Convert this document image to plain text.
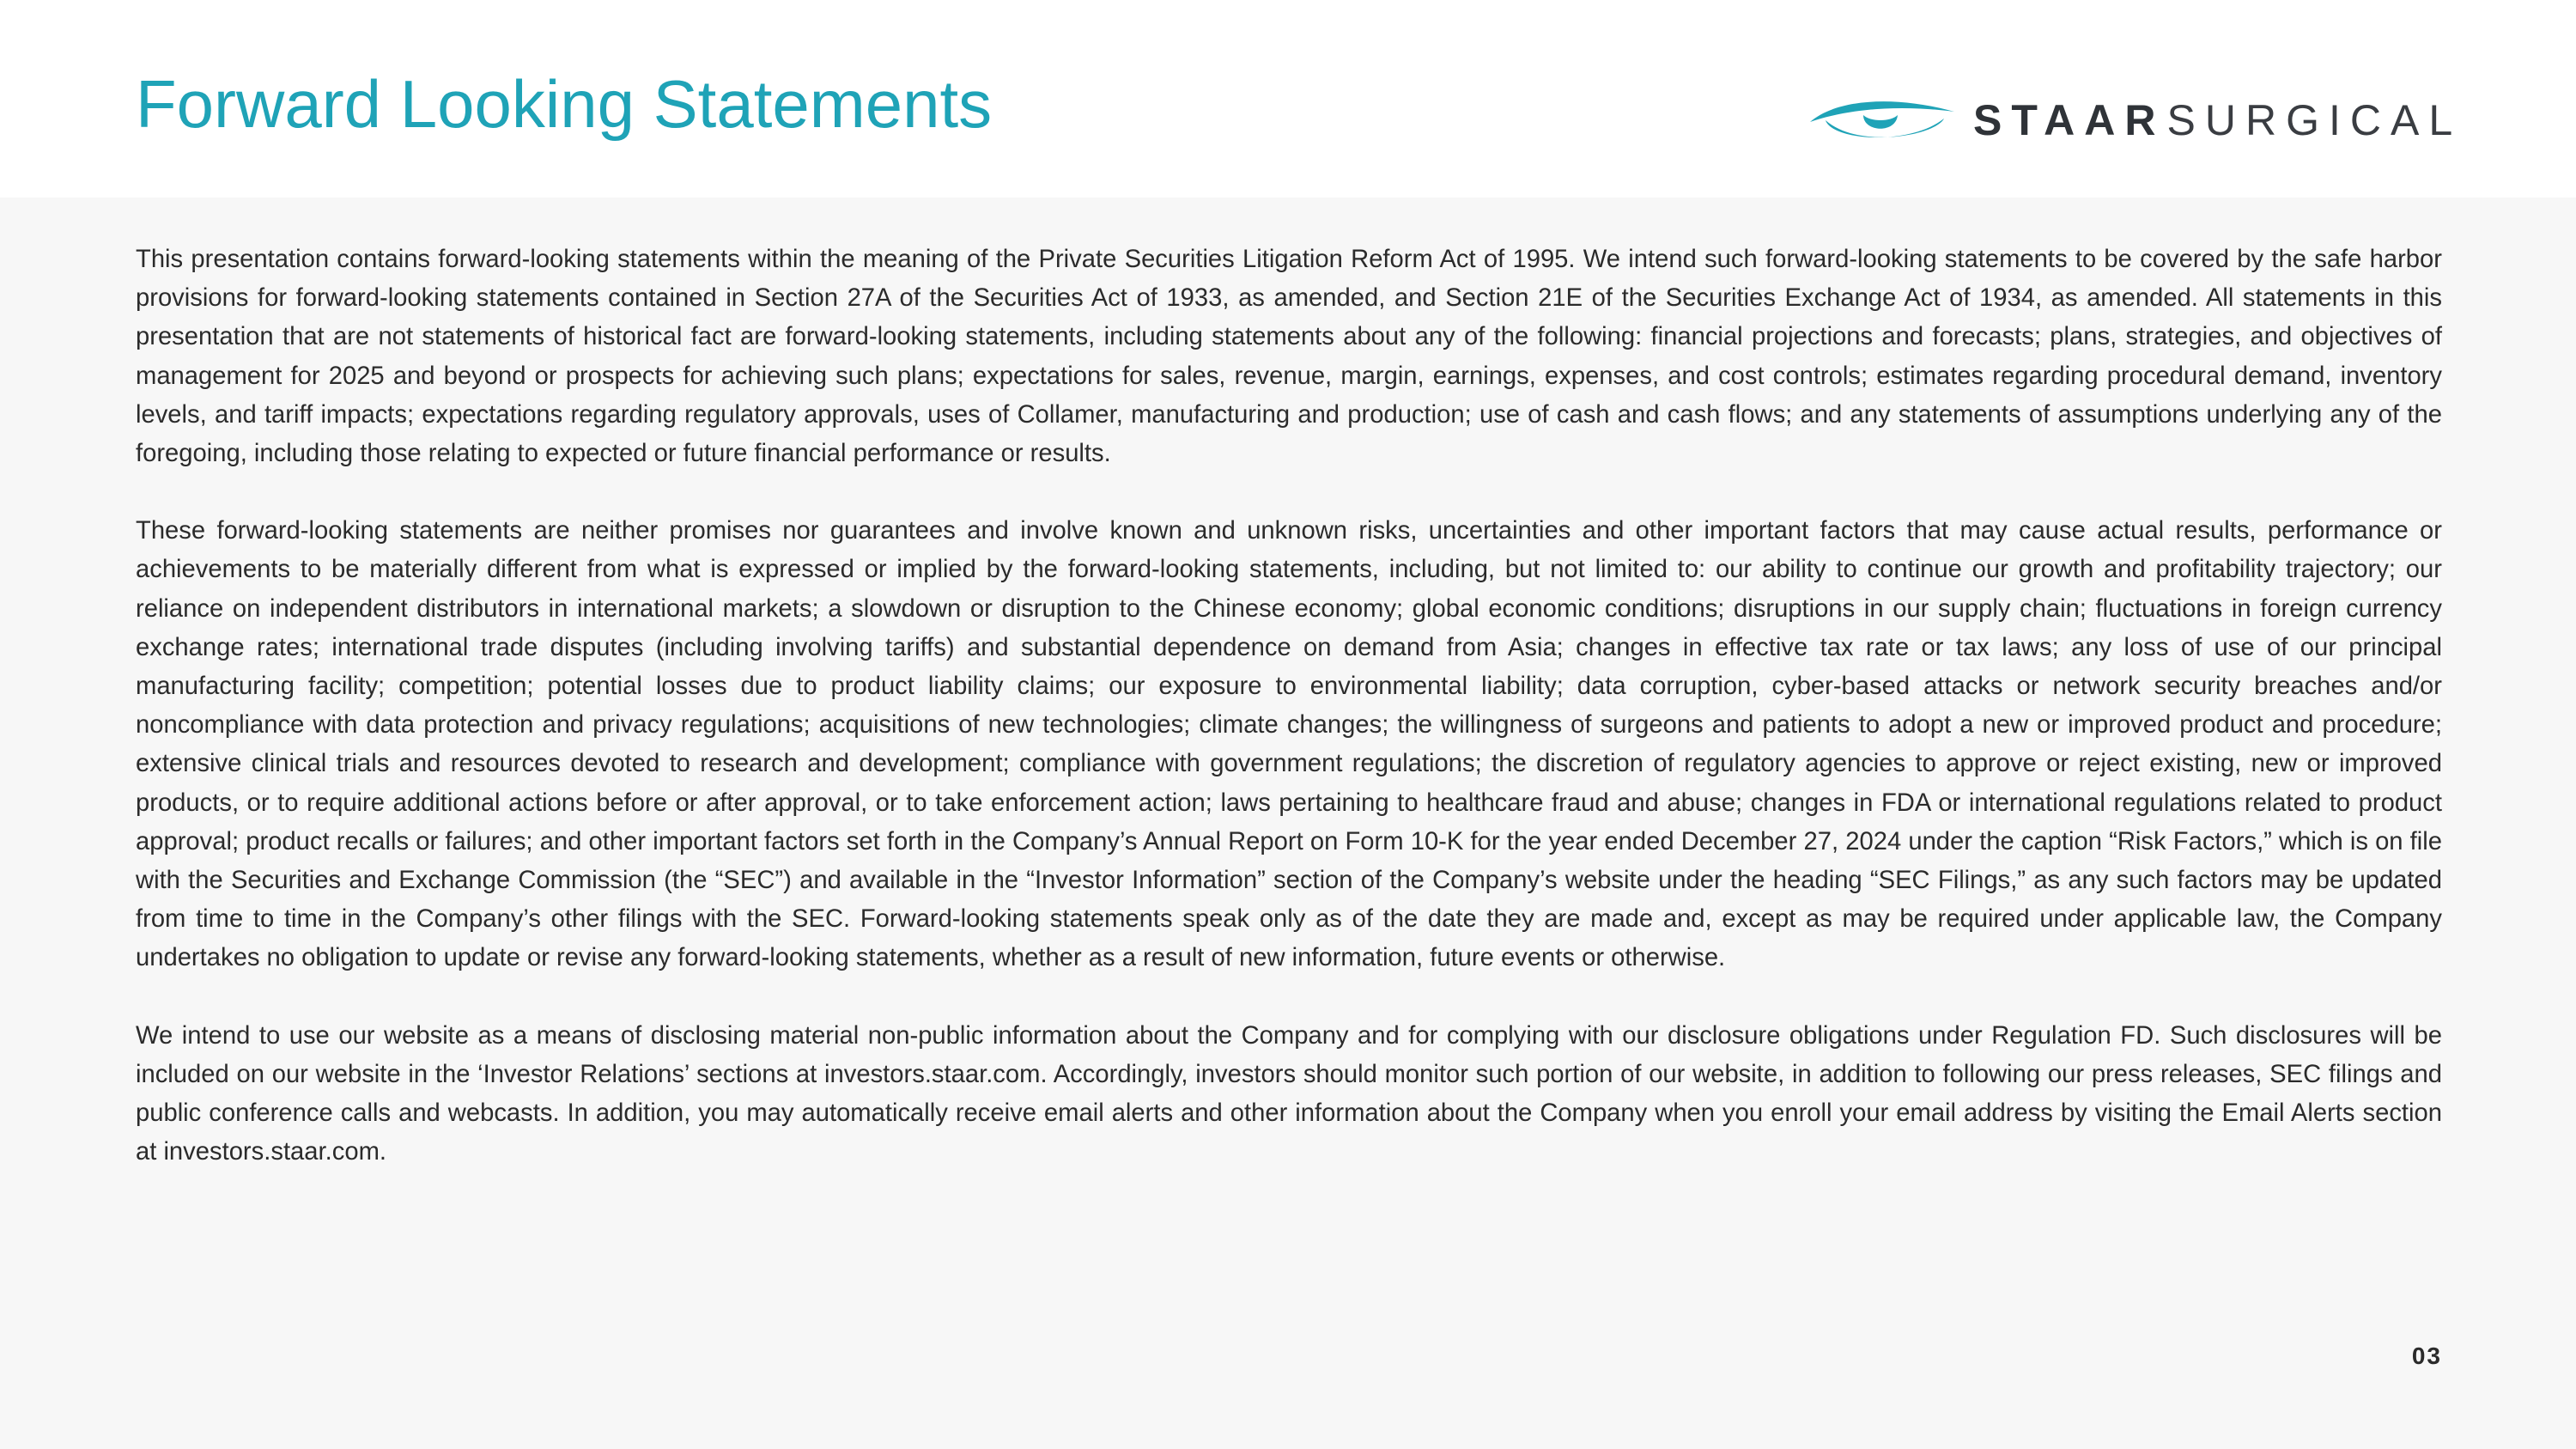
Forward Looking Statements	STAAR SURGICAL

This presentation contains forward-looking statements within the meaning of the Private Securities Litigation Reform Act of 1995. We intend such forward-looking statements to be covered by the safe harbor provisions for forward-looking statements contained in Section 27A of the Securities Act of 1933, as amended, and Section 21E of the Securities Exchange Act of 1934, as amended. All statements in this presentation that are not statements of historical fact are forward-looking statements, including statements about any of the following: financial projections and forecasts; plans, strategies, and objectives of management for 2025 and beyond or prospects for achieving such plans; expectations for sales, revenue, margin, earnings, expenses, and cost controls; estimates regarding procedural demand, inventory levels, and tariff impacts; expectations regarding regulatory approvals, uses of Collamer, manufacturing and production; use of cash and cash flows; and any statements of assumptions underlying any of the foregoing, including those relating to expected or future financial performance or results.

These forward-looking statements are neither promises nor guarantees and involve known and unknown risks, uncertainties and other important factors that may cause actual results, performance or achievements to be materially different from what is expressed or implied by the forward-looking statements, including, but not limited to: our ability to continue our growth and profitability trajectory; our reliance on independent distributors in international markets; a slowdown or disruption to the Chinese economy; global economic conditions; disruptions in our supply chain; fluctuations in foreign currency exchange rates; international trade disputes (including involving tariffs) and substantial dependence on demand from Asia; changes in effective tax rate or tax laws; any loss of use of our principal manufacturing facility; competition; potential losses due to product liability claims; our exposure to environmental liability; data corruption, cyber-based attacks or network security breaches and/or noncompliance with data protection and privacy regulations; acquisitions of new technologies; climate changes; the willingness of surgeons and patients to adopt a new or improved product and procedure; extensive clinical trials and resources devoted to research and development; compliance with government regulations; the discretion of regulatory agencies to approve or reject existing, new or improved products, or to require additional actions before or after approval, or to take enforcement action; laws pertaining to healthcare fraud and abuse; changes in FDA or international regulations related to product approval; product recalls or failures; and other important factors set forth in the Company’s Annual Report on Form 10-K for the year ended December 27, 2024 under the caption “Risk Factors,” which is on file with the Securities and Exchange Commission (the “SEC”) and available in the “Investor Information” section of the Company’s website under the heading “SEC Filings,” as any such factors may be updated from time to time in the Company’s other filings with the SEC. Forward-looking statements speak only as of the date they are made and, except as may be required under applicable law, the Company undertakes no obligation to update or revise any forward-looking statements, whether as a result of new information, future events or otherwise.

We intend to use our website as a means of disclosing material non-public information about the Company and for complying with our disclosure obligations under Regulation FD. Such disclosures will be included on our website in the ‘Investor Relations’ sections at investors.staar.com. Accordingly, investors should monitor such portion of our website, in addition to following our press releases, SEC filings and public conference calls and webcasts. In addition, you may automatically receive email alerts and other information about the Company when you enroll your email address by visiting the Email Alerts section at investors.staar.com.

03
